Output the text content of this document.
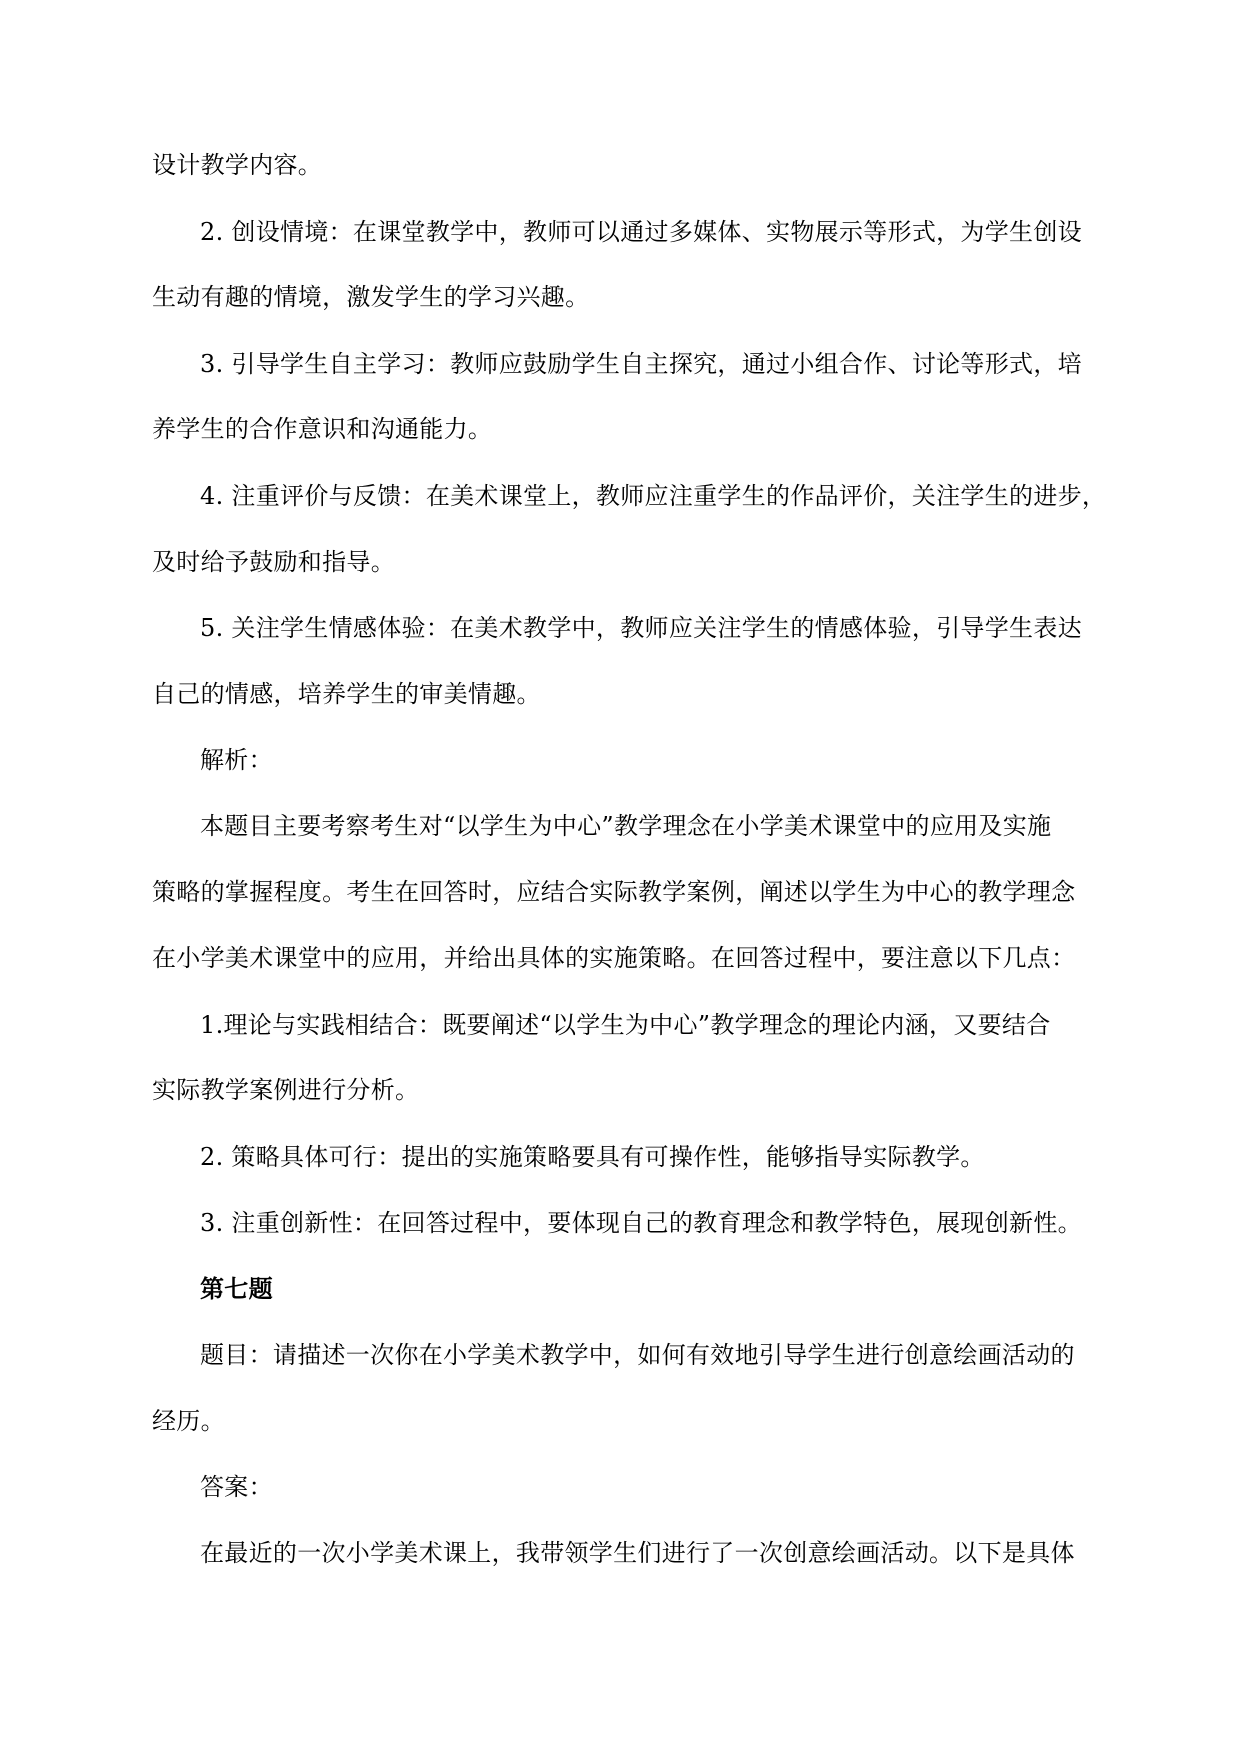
设计教学内容。
2. 创设情境：在课堂教学中，教师可以通过多媒体、实物展示等形式，为学生创设
生动有趣的情境，激发学生的学习兴趣。
3. 引导学生自主学习：教师应鼓励学生自主探究，通过小组合作、讨论等形式，培
养学生的合作意识和沟通能力。
4. 注重评价与反馈：在美术课堂上，教师应注重学生的作品评价，关注学生的进步，
及时给予鼓励和指导。
5. 关注学生情感体验：在美术教学中，教师应关注学生的情感体验，引导学生表达
自己的情感，培养学生的审美情趣。
解析：
本题目主要考察考生对“以学生为中心”教学理念在小学美术课堂中的应用及实施
策略的掌握程度。考生在回答时，应结合实际教学案例，阐述以学生为中心的教学理念
在小学美术课堂中的应用，并给出具体的实施策略。在回答过程中，要注意以下几点：
1.理论与实践相结合：既要阐述“以学生为中心”教学理念的理论内涵，又要结合
实际教学案例进行分析。
2. 策略具体可行：提出的实施策略要具有可操作性，能够指导实际教学。
3. 注重创新性：在回答过程中，要体现自己的教育理念和教学特色，展现创新性。
第七题
题目：请描述一次你在小学美术教学中，如何有效地引导学生进行创意绘画活动的
经历。
答案：
在最近的一次小学美术课上，我带领学生们进行了一次创意绘画活动。以下是具体
